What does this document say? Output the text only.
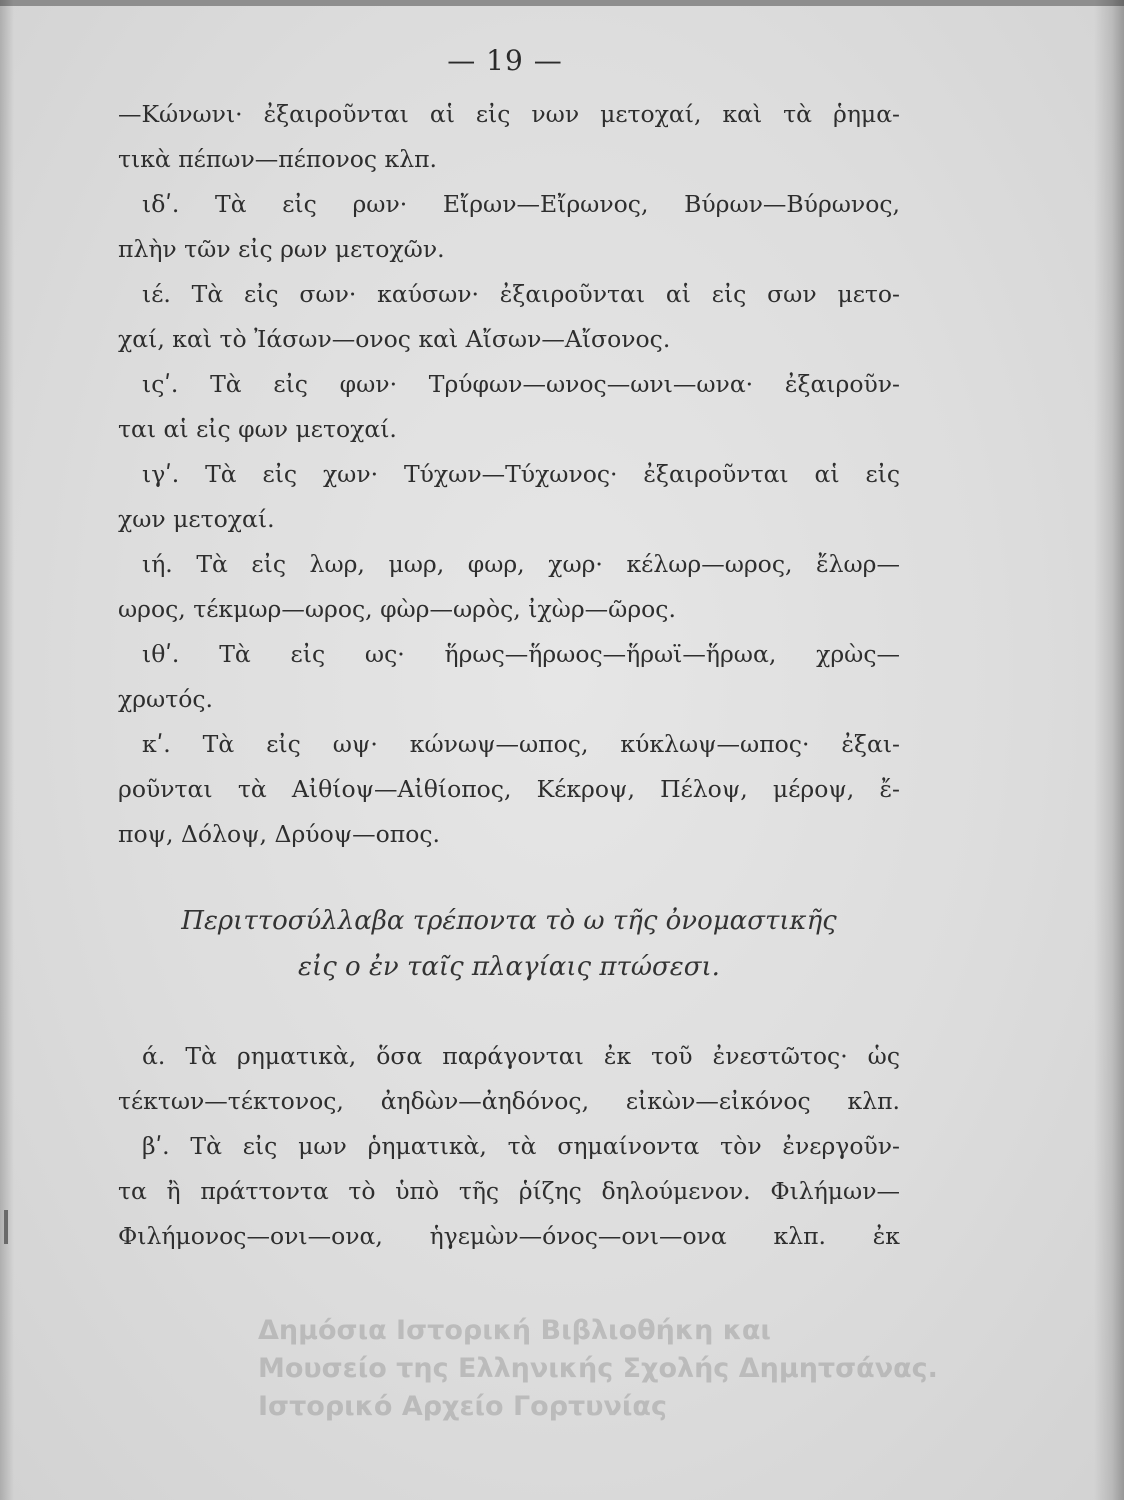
— 19 —
—Κώνωνι· ἐξαιροῦνται αἱ εἰς νων μετοχαί, καὶ τὰ ῥημα-
τικὰ πέπων—πέπονος κλπ.
ιδʹ. Τὰ εἰς ρων· Εἴρων—Εἴρωνος, Βύρων—Βύρωνος,
πλὴν τῶν εἰς ρων μετοχῶν.
ιέ. Τὰ εἰς σων· καύσων· ἐξαιροῦνται αἱ εἰς σων μετο-
χαί, καὶ τὸ Ἰάσων—ονος καὶ Αἴσων—Αἴσονος.
ιςʹ. Τὰ εἰς φων· Τρύφων—ωνος—ωνι—ωνα· ἐξαιροῦν-
ται αἱ εἰς φων μετοχαί.
ιγʹ. Τὰ εἰς χων· Τύχων—Τύχωνος· ἐξαιροῦνται αἱ εἰς
χων μετοχαί.
ιή. Τὰ εἰς λωρ, μωρ, φωρ, χωρ· κέλωρ—ωρος, ἔλωρ—
ωρος, τέκμωρ—ωρος, φὼρ—ωρὸς, ἰχὼρ—ῶρος.
ιθʹ. Τὰ εἰς ως· ἥρως—ἥρωος—ἥρωϊ—ἥρωα, χρὼς—
χρωτός.
κʹ. Τὰ εἰς ωψ· κώνωψ—ωπος, κύκλωψ—ωπος· ἐξαι-
ροῦνται τὰ Αἰθίοψ—Αἰθίοπος, Κέκροψ, Πέλοψ, μέροψ, ἔ-
ποψ, Δόλοψ, Δρύοψ—οπος.
Περιττοσύλλαβα τρέποντα τὸ ω τῆς ὀνομαστικῆς
εἰς ο ἐν ταῖς πλαγίαις πτώσεσι.
ά. Τὰ ρηματικὰ, ὅσα παράγονται ἐκ τοῦ ἐνεστῶτος· ὡς
τέκτων—τέκτονος, ἀηδὼν—ἀηδόνος, εἰκὼν—εἰκόνος κλπ.
βʹ. Τὰ εἰς μων ῥηματικὰ, τὰ σημαίνοντα τὸν ἐνεργοῦν-
τα ἢ πράττοντα τὸ ὑπὸ τῆς ῥίζης δηλούμενον. Φιλήμων—
Φιλήμονος—ονι—ονα, ἡγεμὼν—όνος—ονι—ονα κλπ. ἐκ
Δημόσια Ιστορική Βιβλιοθήκη και
Μουσείο της Ελληνικής Σχολής Δημητσάνας.
Ιστορικό Αρχείο Γορτυνίας
